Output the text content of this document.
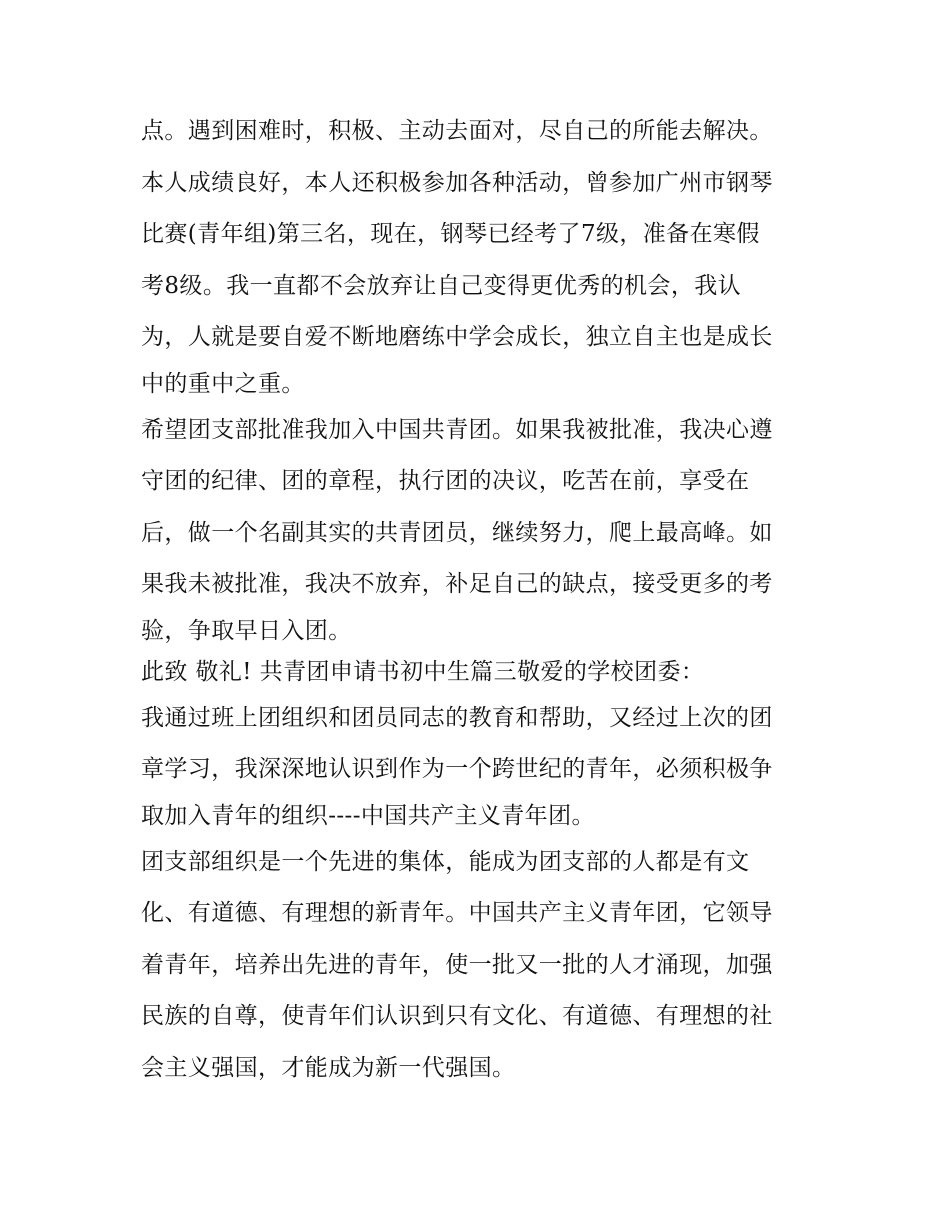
点。遇到困难时，积极、主动去面对，尽自己的所能去解决。
本人成绩良好，本人还积极参加各种活动，曾参加广州市钢琴
比赛(青年组)第三名，现在，钢琴已经考了7级，准备在寒假
考8级。我一直都不会放弃让自己变得更优秀的机会，我认
为，人就是要自爱不断地磨练中学会成长，独立自主也是成长
中的重中之重。
希望团支部批准我加入中国共青团。如果我被批准，我决心遵
守团的纪律、团的章程，执行团的决议，吃苦在前，享受在
后，做一个名副其实的共青团员，继续努力，爬上最高峰。如
果我未被批准，我决不放弃，补足自己的缺点，接受更多的考
验，争取早日入团。
此致 敬礼! 共青团申请书初中生篇三敬爱的学校团委：
我通过班上团组织和团员同志的教育和帮助，又经过上次的团
章学习，我深深地认识到作为一个跨世纪的青年，必须积极争
取加入青年的组织----中国共产主义青年团。
团支部组织是一个先进的集体，能成为团支部的人都是有文
化、有道德、有理想的新青年。中国共产主义青年团，它领导
着青年，培养出先进的青年，使一批又一批的人才涌现，加强
民族的自尊，使青年们认识到只有文化、有道德、有理想的社
会主义强国，才能成为新一代强国。
